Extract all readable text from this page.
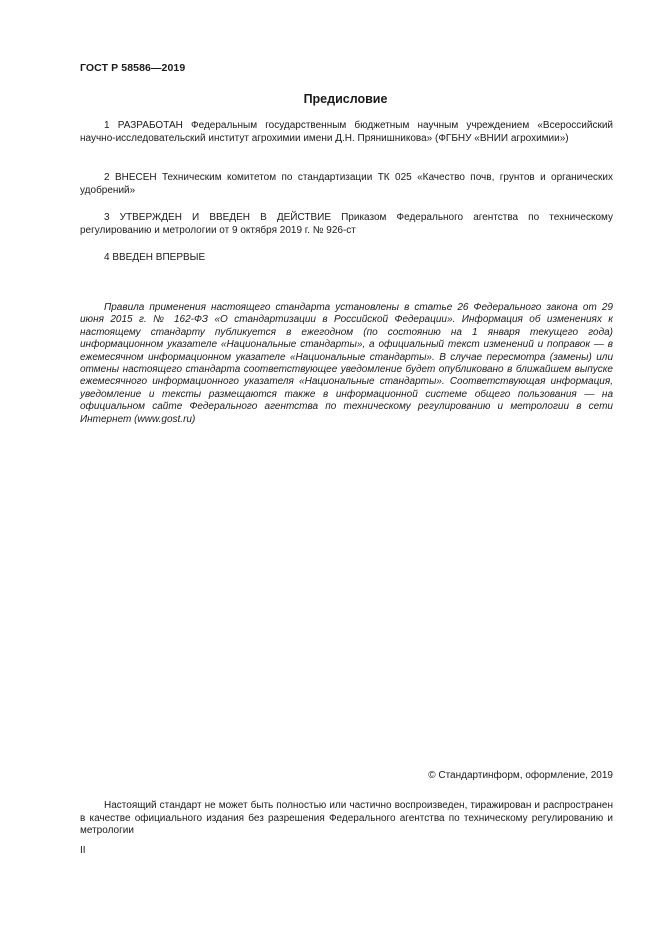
ГОСТ Р 58586—2019
Предисловие

1 РАЗРАБОТАН Федеральным государственным бюджетным научным учреждением «Всероссийский научно-исследовательский институт агрохимии имени Д.Н. Прянишникова» (ФГБНУ «ВНИИ агрохимии»)

2 ВНЕСЕН Техническим комитетом по стандартизации ТК 025 «Качество почв, грунтов и органических удобрений»

3 УТВЕРЖДЕН И ВВЕДЕН В ДЕЙСТВИЕ Приказом Федерального агентства по техническому регулированию и метрологии от 9 октября 2019 г. № 926-ст

4 ВВЕДЕН ВПЕРВЫЕ

Правила применения настоящего стандарта установлены в статье 26 Федерального закона от 29 июня 2015 г. № 162-ФЗ «О стандартизации в Российской Федерации». Информация об изменениях к настоящему стандарту публикуется в ежегодном (по состоянию на 1 января текущего года) информационном указателе «Национальные стандарты», а официальный текст изменений и поправок — в ежемесячном информационном указателе «Национальные стандарты». В случае пересмотра (замены) или отмены настоящего стандарта соответствующее уведомление будет опубликовано в ближайшем выпуске ежемесячного информационного указателя «Национальные стандарты». Соответствующая информация, уведомление и тексты размещаются также в информационной системе общего пользования — на официальном сайте Федерального агентства по техническому регулированию и метрологии в сети Интернет (www.gost.ru)

© Стандартинформ, оформление, 2019

Настоящий стандарт не может быть полностью или частично воспроизведен, тиражирован и распространен в качестве официального издания без разрешения Федерального агентства по техническому регулированию и метрологии

II
